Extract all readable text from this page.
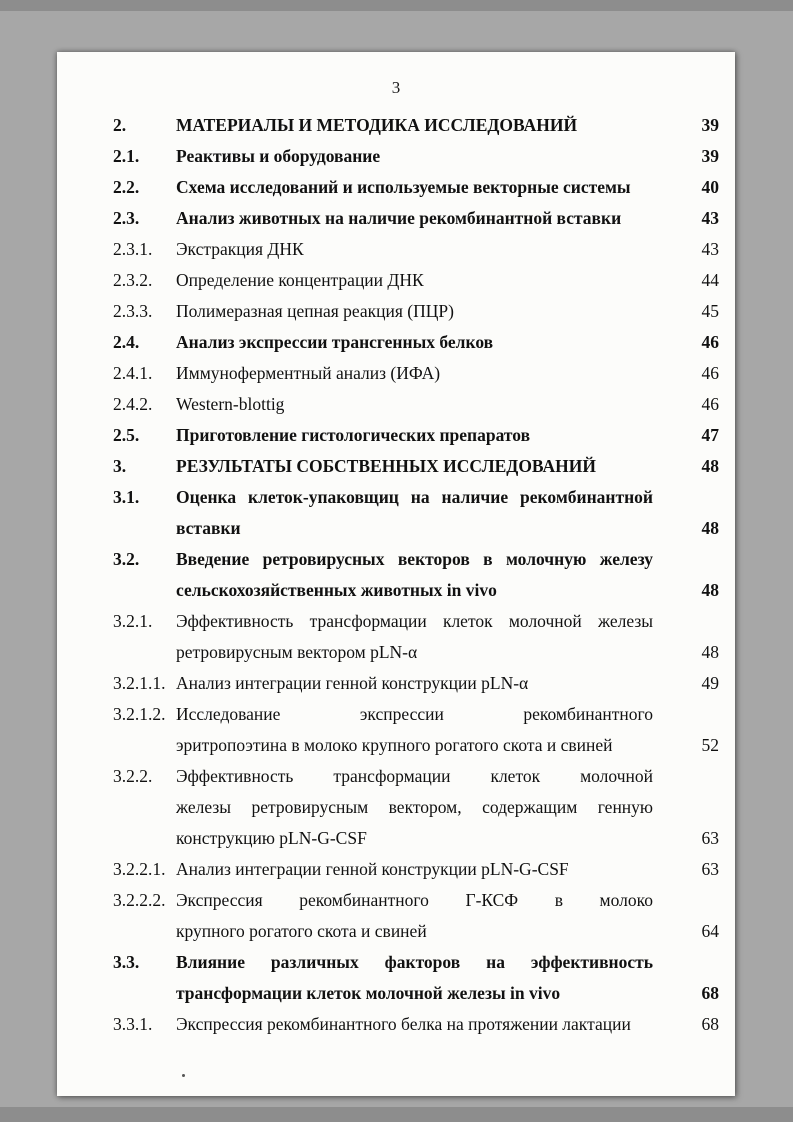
3
2.	МАТЕРИАЛЫ И МЕТОДИКА ИССЛЕДОВАНИЙ	39
2.1.	Реактивы и оборудование	39
2.2.	Схема исследований и используемые векторные системы	40
2.3.	Анализ животных на наличие рекомбинантной вставки	43
2.3.1.	Экстракция ДНК	43
2.3.2.	Определение концентрации ДНК	44
2.3.3.	Полимеразная цепная реакция (ПЦР)	45
2.4.	Анализ экспрессии трансгенных белков	46
2.4.1.	Иммуноферментный анализ (ИФА)	46
2.4.2.	Western-blottig	46
2.5.	Приготовление гистологических препаратов	47
3.	РЕЗУЛЬТАТЫ СОБСТВЕННЫХ ИССЛЕДОВАНИЙ	48
3.1.	Оценка клеток-упаковщиц на наличие рекомбинантной
вставки	48
3.2.	Введение ретровирусных векторов в молочную железу
сельскохозяйственных животных in vivo	48
3.2.1.	Эффективность трансформации клеток молочной железы
ретровирусным вектором pLN-α	48
3.2.1.1. Анализ интеграции генной конструкции pLN-α	49
3.2.1.2. Исследование экспрессии рекомбинантного
эритропоэтина в молоко крупного рогатого скота и свиней	52
3.2.2.	Эффективность трансформации клеток молочной
железы ретровирусным вектором, содержащим генную
конструкцию pLN-G-CSF	63
3.2.2.1. Анализ интеграции генной конструкции pLN-G-CSF	63
3.2.2.2. Экспрессия рекомбинантного Г-КСФ в молоко
крупного рогатого скота и свиней	64
3.3.	Влияние различных факторов на эффективность
трансформации клеток молочной железы in vivo	68
3.3.1.	Экспрессия рекомбинантного белка на протяжении лактации	68
